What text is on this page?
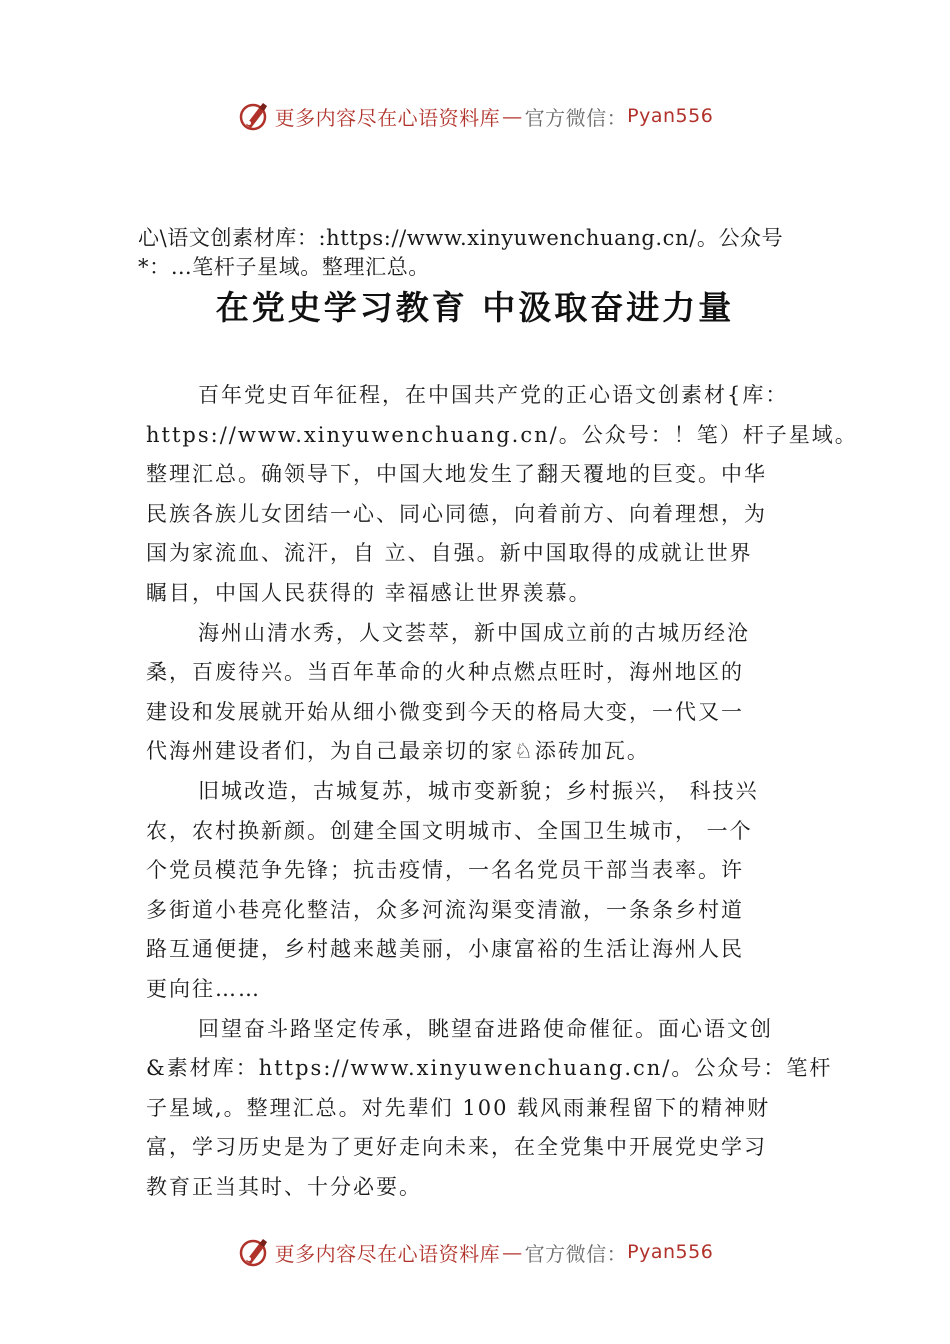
更多内容尽在心语资料库 — 官方微信： Pyan556
心\语文创素材库：:https://www.xinyuwenchuang.cn/。公众号
*：…笔杆子星域。整理汇总。
在党史学习教育 中汲取奋进力量
百年党史百年征程，在中国共产党的正心语文创素材{库：
https://www.xinyuwenchuang.cn/。公众号：！笔）杆子星域。
整理汇总。确领导下，中国大地发生了翻天覆地的巨变。中华
民族各族儿女团结一心、同心同德，向着前方、向着理想，为
国为家流血、流汗，自 立、自强。新中国取得的成就让世界
瞩目，中国人民获得的 幸福感让世界羡慕。
海州山清水秀，人文荟萃，新中国成立前的古城历经沧
桑，百废待兴。当百年革命的火种点燃点旺时，海州地区的
建设和发展就开始从细小微变到今天的格局大变，一代又一
代海州建设者们，为自己最亲切的家♘添砖加瓦。
旧城改造，古城复苏，城市变新貌；乡村振兴， 科技兴
农，农村换新颜。创建全国文明城市、全国卫生城市， 一个
个党员模范争先锋；抗击疫情，一名名党员干部当表率。许
多街道小巷亮化整洁，众多河流沟渠变清澈，一条条乡村道
路互通便捷，乡村越来越美丽，小康富裕的生活让海州人民
更向往……
回望奋斗路坚定传承，眺望奋进路使命催征。面心语文创
&素材库：https://www.xinyuwenchuang.cn/。公众号：笔杆
子星域,。整理汇总。对先辈们 100 载风雨兼程留下的精神财
富，学习历史是为了更好走向未来，在全党集中开展党史学习
教育正当其时、十分必要。
更多内容尽在心语资料库 — 官方微信： Pyan556
